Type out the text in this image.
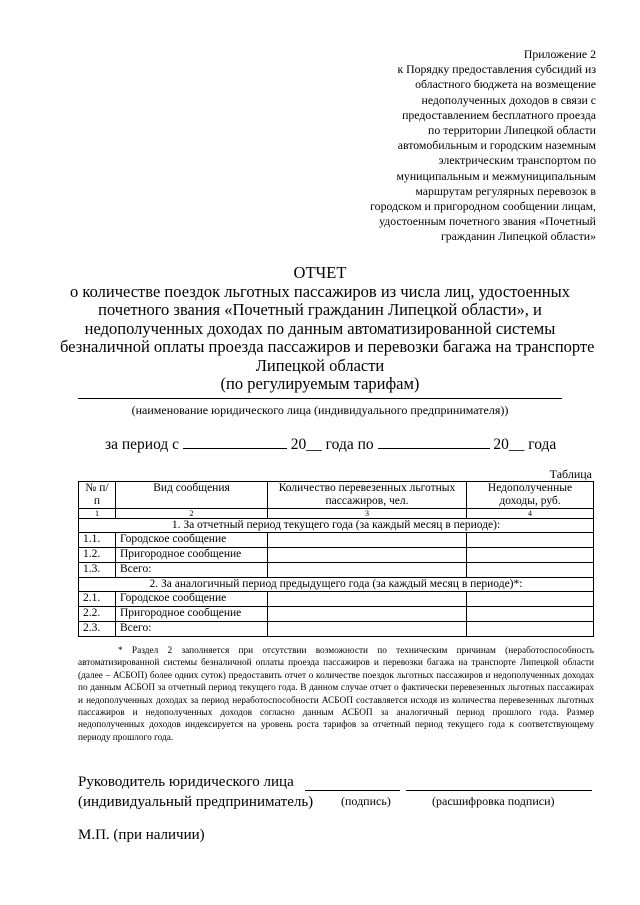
Приложение 2
к Порядку предоставления субсидий из
областного бюджета на возмещение
недополученных доходов в связи с
предоставлением бесплатного проезда
по территории Липецкой области
автомобильным и городским наземным
электрическим транспортом по
муниципальным и межмуниципальным
маршрутам регулярных перевозок в
городском и пригородном сообщении лицам,
удостоенным почетного звания «Почетный
гражданин Липецкой области»
ОТЧЕТ
о количестве поездок льготных пассажиров из числа лиц, удостоенных
почетного звания «Почетный гражданин Липецкой области», и
недополученных доходах по данным автоматизированной системы
безналичной оплаты проезда пассажиров и перевозки багажа на транспорте
Липецкой области
(по регулируемым тарифам)
(наименование юридического лица (индивидуального предпринимателя))
за период с	20__ года по	20__ года
Таблица
№ п/п	Вид сообщения	Количество перевезенных льготных пассажиров, чел.	Недополученные доходы, руб.
1	2	3	4
1. За отчетный период текущего года (за каждый месяц в периоде):			
1.1.	Городское сообщение		
1.2.	Пригородное сообщение		
1.3.	Всего:		
2. За аналогичный период предыдущего года (за каждый месяц в периоде)*:			
2.1.	Городское сообщение		
2.2.	Пригородное сообщение		
2.3.	Всего:		
* Раздел 2 заполняется при отсутствии возможности по техническим причинам (неработоспособность автоматизированной системы безналичной оплаты проезда пассажиров и перевозки багажа на транспорте Липецкой области (далее – АСБОП) более одних суток) предоставить отчет о количестве поездок льготных пассажиров и недополученных доходах по данным АСБОП за отчетный период текущего года. В данном случае отчет о фактически перевезенных льготных пассажирах и недополученных доходах за период неработоспособности АСБОП составляется исходя из количества перевезенных льготных пассажиров и недополученных доходов согласно данным АСБОП за аналогичный период прошлого года. Размер недополученных доходов индексируется на уровень роста тарифов за отчетный период текущего года к соответствующему периоду прошлого года.
Руководитель юридического лица
(индивидуальный предприниматель) (подпись)	(расшифровка подписи)
М.П. (при наличии)
